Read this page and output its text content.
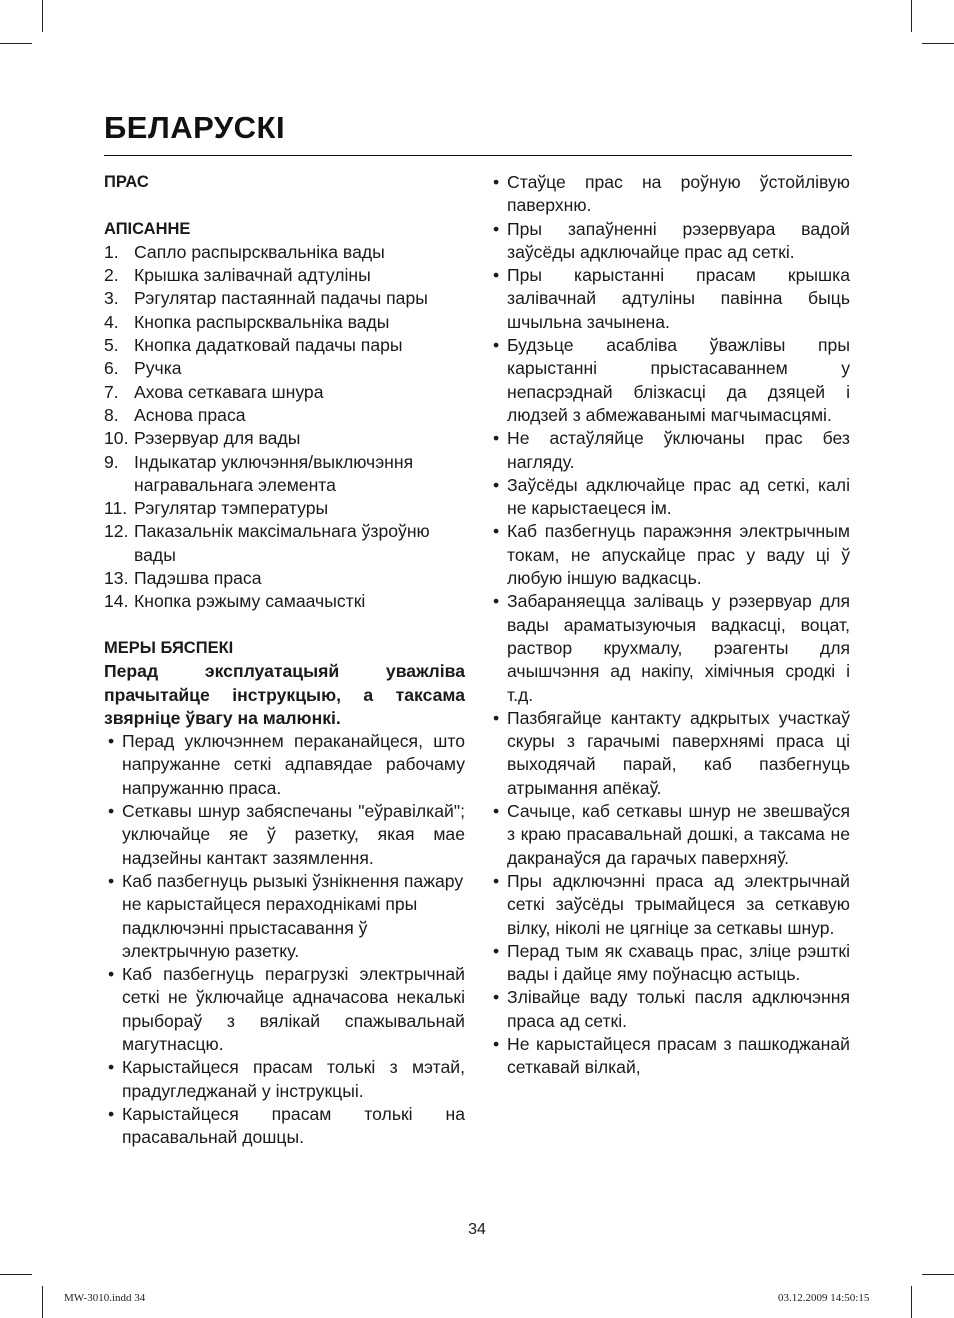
БЕЛАРУСКІ

ПРАС

АПІСАННЕ

1. Сапло распырсквальніка вады
2. Крышка залівачнай адтуліны
3. Рэгулятар пастаяннай падачы пары
4. Кнопка распырсквальніка вады
5. Кнопка дадатковай падачы пары
6. Ручка
7. Ахова сеткавага шнура
8. Аснова праса
10. Рэзервуар для вады
9. Індыкатар уключэння/выключэння награвальнага элемента
11. Рэгулятар тэмпературы
12. Паказальнік максімальнага ўзроўню вады
13. Падэшва праса
14. Кнопка рэжыму самаачысткі

МЕРЫ БЯСПЕКІ

Перад эксплуатацыяй уважліва прачытайце інструкцыю, а таксама звярніце ўвагу на малюнкі.

• Перад уключэннем пераканайцеся, што напружанне сеткі адпавядае рабочаму напружанню праса.
• Сеткавы шнур забяспечаны "еўравілкай"; уключайце яе ў разетку, якая мае надзейны кантакт зазямлення.
• Каб пазбегнуць рызыкі ўзнікнення пажару не карыстайцеся пераходнікамі пры падключэнні прыстасавання ў электрычную разетку.
• Каб пазбегнуць перагрузкі электрычнай сеткі не ўключайце адначасова некалькі прыбораў з вялікай спажывальнай магутнасцю.
• Карыстайцеся прасам толькі з мэтай, прадугледжанай у інструкцыі.
• Карыстайцеся прасам толькі на прасавальнай дошцы.
• Стаўце прас на роўную ўстойлівую паверхню.
• Пры запаўненні рэзервуара вадой заўсёды адключайце прас ад сеткі.
• Пры карыстанні прасам крышка залівачнай адтуліны павінна быць шчыльна зачынена.
• Будзьце асабліва ўважлівы пры карыстанні прыстасаваннем у непасрэднай блізкасці да дзяцей і людзей з абмежаванымі магчымасцямі.
• Не астаўляйце ўключаны прас без нагляду.
• Заўсёды адключайце прас ад сеткі, калі не карыстаецеся ім.
• Каб пазбегнуць паражэння электрычным токам, не апускайце прас у ваду ці ў любую іншую вадкасць.
• Забараняецца заліваць у рэзервуар для вады араматызуючыя вадкасці, воцат, раствор крухмалу, рэагенты для ачышчэння ад накіпу, хімічныя сродкі і т.д.
• Пазбягайце кантакту адкрытых участкаў скуры з гарачымі паверхнямі праса ці выходячай парай, каб пазбегнуць атрымання апёкаў.
• Сачыце, каб сеткавы шнур не звешваўся з краю прасавальнай дошкі, а таксама не дакранаўся да гарачых паверхняў.
• Пры адключэнні праса ад электрычнай сеткі заўсёды трымайцеся за сеткавую вілку, ніколі не цягніце за сеткавы шнур.
• Перад тым як схаваць прас, зліце рэшткі вады і дайце яму поўнасцю астыць.
• Злівайце ваду толькі пасля адключэння праса ад сеткі.
• Не карыстайцеся прасам з пашкоджанай сеткавай вілкай,
34
MW-3010.indd 34	03.12.2009 14:50:15
